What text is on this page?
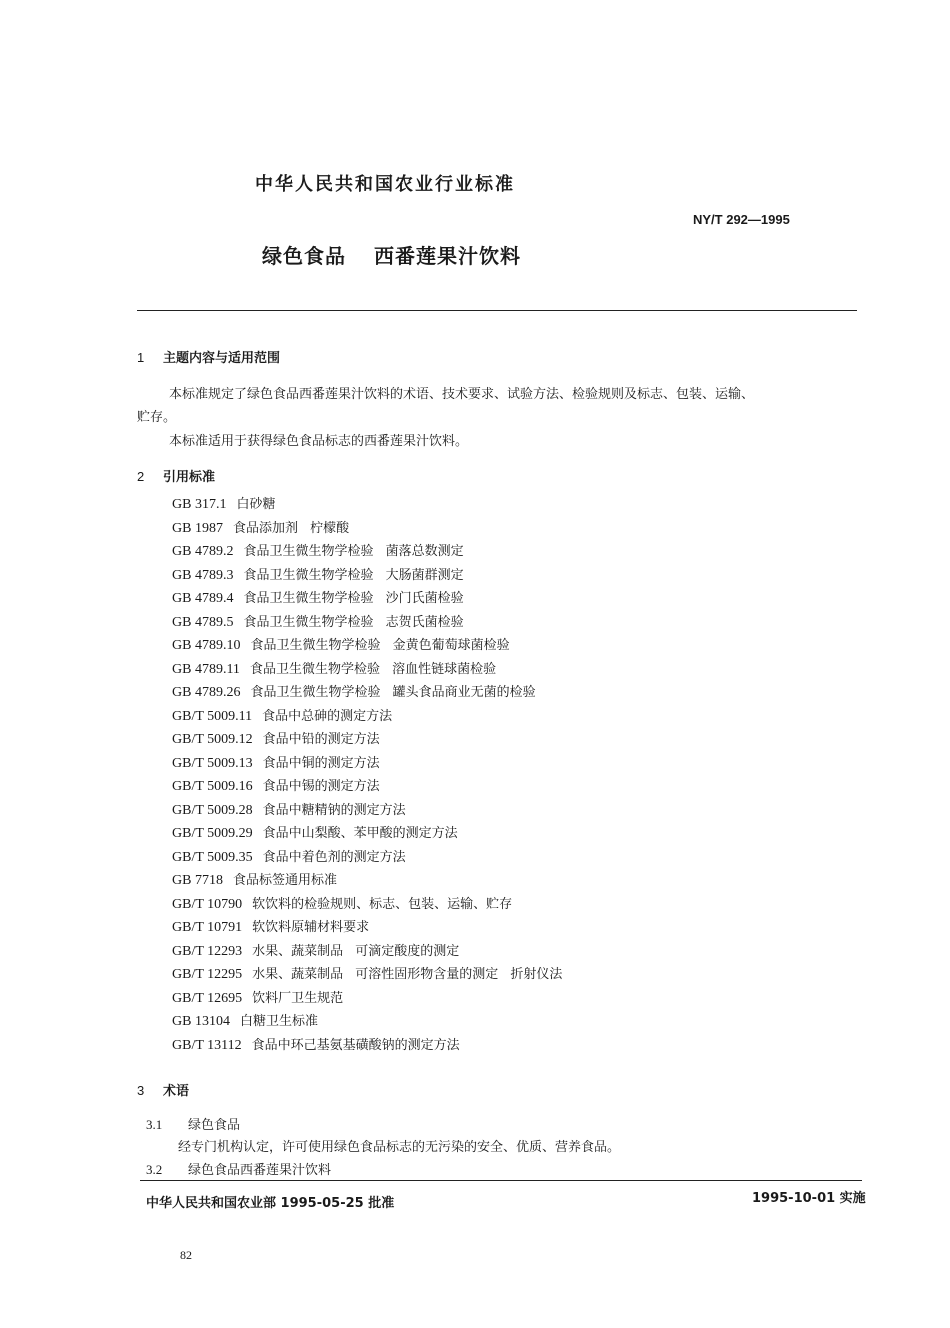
中华人民共和国农业行业标准
NY/T 292—1995
绿色食品 西番莲果汁饮料
1 主题内容与适用范围
本标准规定了绿色食品西番莲果汁饮料的术语、技术要求、试验方法、检验规则及标志、包装、运输、
贮存。
本标准适用于获得绿色食品标志的西番莲果汁饮料。
2 引用标准
GB 317.1 白砂糖
GB 1987 食品添加剂 柠檬酸
GB 4789.2 食品卫生微生物学检验 菌落总数测定
GB 4789.3 食品卫生微生物学检验 大肠菌群测定
GB 4789.4 食品卫生微生物学检验 沙门氏菌检验
GB 4789.5 食品卫生微生物学检验 志贺氏菌检验
GB 4789.10 食品卫生微生物学检验 金黄色葡萄球菌检验
GB 4789.11 食品卫生微生物学检验 溶血性链球菌检验
GB 4789.26 食品卫生微生物学检验 罐头食品商业无菌的检验
GB/T 5009.11 食品中总砷的测定方法
GB/T 5009.12 食品中铅的测定方法
GB/T 5009.13 食品中铜的测定方法
GB/T 5009.16 食品中锡的测定方法
GB/T 5009.28 食品中糖精钠的测定方法
GB/T 5009.29 食品中山梨酸、苯甲酸的测定方法
GB/T 5009.35 食品中着色剂的测定方法
GB 7718 食品标签通用标准
GB/T 10790 软饮料的检验规则、标志、包装、运输、贮存
GB/T 10791 软饮料原辅材料要求
GB/T 12293 水果、蔬菜制品 可滴定酸度的测定
GB/T 12295 水果、蔬菜制品 可溶性固形物含量的测定 折射仪法
GB/T 12695 饮料厂卫生规范
GB 13104 白糖卫生标准
GB/T 13112 食品中环己基氨基磺酸钠的测定方法
3 术语
3.1 绿色食品
经专门机构认定，许可使用绿色食品标志的无污染的安全、优质、营养食品。
3.2 绿色食品西番莲果汁饮料
中华人民共和国农业部 1995-05-25 批准	1995-10-01 实施
82
